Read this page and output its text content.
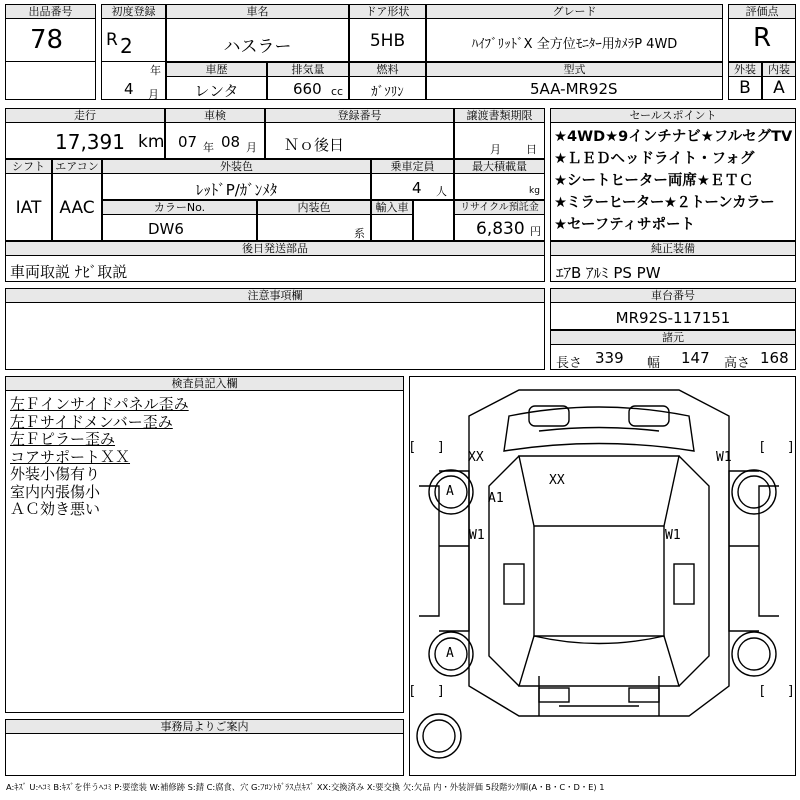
出品番号
78
初度登録
R 2
年
4 月
車名
ハスラー
ドア形状
5HB
グレード
ﾊｲﾌﾞﾘｯﾄﾞX 全方位ﾓﾆﾀｰ用ｶﾒﾗP 4WD
評価点
R
車歴
レンタ
排気量
660 cc
燃料
ｶﾞｿﾘﾝ
型式
5AA-MR92S
外装
B
内装
A
走行
17,391 km
車検
07 年 08 月
登録番号
Ｎｏ後日
譲渡書類期限
月 日
シフト
IAT
エアコン
AAC
外装色
ﾚｯﾄﾞP/ｶﾞﾝﾒﾀ
乗車定員
4 人
最大積載量
kg
カラーNo.
DW6
内装色
系
輸入車	リサイクル預託金
6,830 円
セールスポイント
★4WD★9インチナビ★フルセグTV
★ＬＥＤヘッドライト・フォグ
★シートヒーター両席★ＥＴＣ
★ミラーヒーター★２トーンカラー
★セーフティサポート
後日発送部品
車両取説 ﾅﾋﾞ取説
純正装備
ｴｱB ｱﾙﾐ PS PW
注意事項欄	車台番号
MR92S-117151
諸元
長さ 339 幅 147 高さ 168
検査員記入欄
左Ｆインサイドパネル歪み
左Ｆサイドメンバー歪み
左Ｆピラー歪み
コアサポートＸＸ
外装小傷有り
室内内張傷小
ＡＣ効き悪い
事務局よりご案内
[ ]	[ ]
[ ]	[ ]
XX
XX
W1
A	A1
W1	W1
A
A:ｷｽﾞ U:ﾍｺﾐ B:ｷｽﾞを伴うﾍｺﾐ P:要塗装 W:補修跡 S:錆 C:腐食、穴 G:ﾌﾛﾝﾄｶﾞﾗｽ点ｷｽﾞ XX:交換済み X:要交換 欠:欠品 内・外装評価 5段階ﾗﾝｸ順(A・B・C・D・E) 1
